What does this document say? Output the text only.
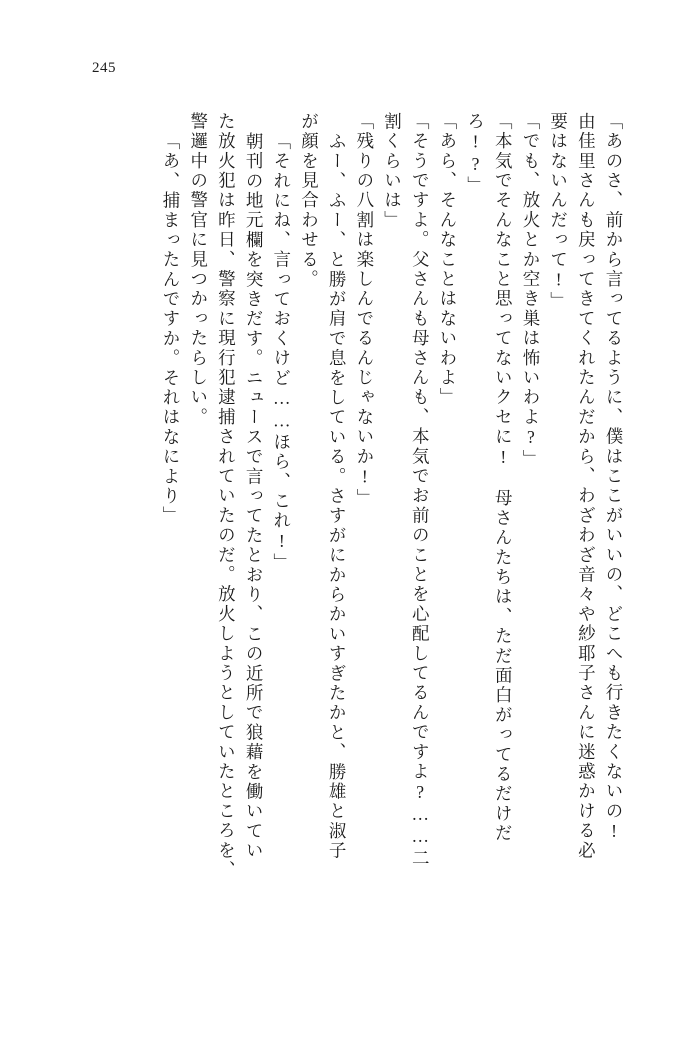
245
「あのさ、前から言ってるように、僕はここがいいの、どこへも行きたくないの!
由佳里さんも戻ってきてくれたんだから、わざわざ音々や紗耶子さんに迷惑かける必
要はないんだって!」
「でも、放火とか空き巣は怖いわよ?」
「本気でそんなこと思ってないクセに!　母さんたちは、ただ面白がってるだけだ
ろ!?」
「あら、そんなことはないわよ」
「そうですよ。父さんも母さんも、本気でお前のことを心配してるんですよ?……二
割くらいは」
「残りの八割は楽しんでるんじゃないか!」
ふー、ふー、と勝が肩で息をしている。さすがにからかいすぎたかと、勝雄と淑子
が顔を見合わせる。
「それにね、言っておくけど……ほら、これ!」
朝刊の地元欄を突きだす。ニュースで言ってたとおり、この近所で狼藉を働いてい
た放火犯は昨日、警察に現行犯逮捕されていたのだ。放火しようとしていたところを、
警邏中の警官に見つかったらしい。
「あ、捕まったんですか。それはなにより」
